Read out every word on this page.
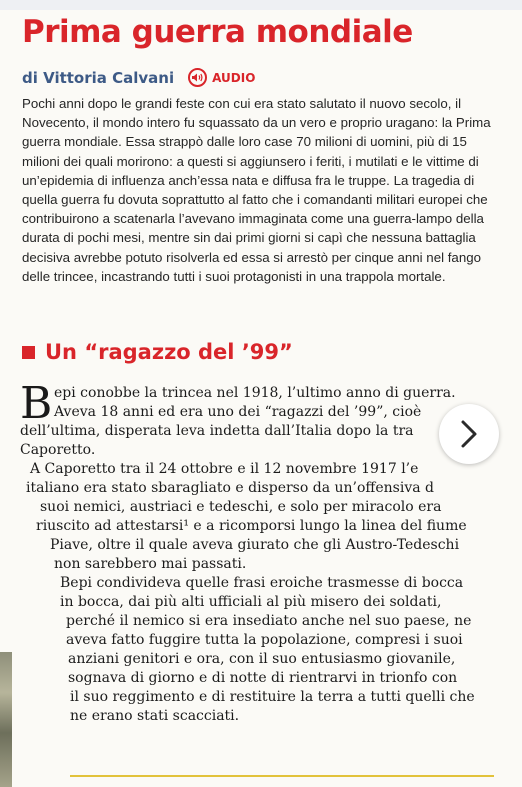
Prima guerra mondiale
di Vittoria Calvani	AUDIO

Pochi anni dopo le grandi feste con cui era stato salutato il nuovo secolo, il Novecento, il mondo intero fu squassato da un vero e proprio uragano: la Prima guerra mondiale. Essa strappò dalle loro case 70 milioni di uomini, più di 15 milioni dei quali morirono: a questi si aggiunsero i feriti, i mutilati e le vittime di un’epidemia di influenza anch’essa nata e diffusa fra le truppe. La tragedia di quella guerra fu dovuta soprattutto al fatto che i comandanti militari europei che contribuirono a scatenarla l’avevano immaginata come una guerra-lampo della durata di pochi mesi, mentre sin dai primi giorni si capì che nessuna battaglia decisiva avrebbe potuto risolverla ed essa si arrestò per cinque anni nel fango delle trincee, incastrando tutti i suoi protagonisti in una trappola mortale.

Un “ragazzo del ’99”
B epi conobbe la trincea nel 1918, l’ultimo anno di guerra.

Aveva 18 anni ed era uno dei “ragazzi del ’99”, cioè

dell’ultima, disperata leva indetta dall’Italia dopo la tra

Caporetto.

A Caporetto tra il 24 ottobre e il 12 novembre 1917 l’e

italiano era stato sbaragliato e disperso da un’offensiva d

suoi nemici, austriaci e tedeschi, e solo per miracolo era

riuscito ad attestarsi¹ e a ricomporsi lungo la linea del fiume

Piave, oltre il quale aveva giurato che gli Austro-Tedeschi

non sarebbero mai passati.

Bepi condivideva quelle frasi eroiche trasmesse di bocca

in bocca, dai più alti ufficiali al più misero dei soldati,

perché il nemico si era insediato anche nel suo paese, ne

aveva fatto fuggire tutta la popolazione, compresi i suoi

anziani genitori e ora, con il suo entusiasmo giovanile,

sognava di giorno e di notte di rientrarvi in trionfo con

il suo reggimento e di restituire la terra a tutti quelli che

ne erano stati scacciati.
